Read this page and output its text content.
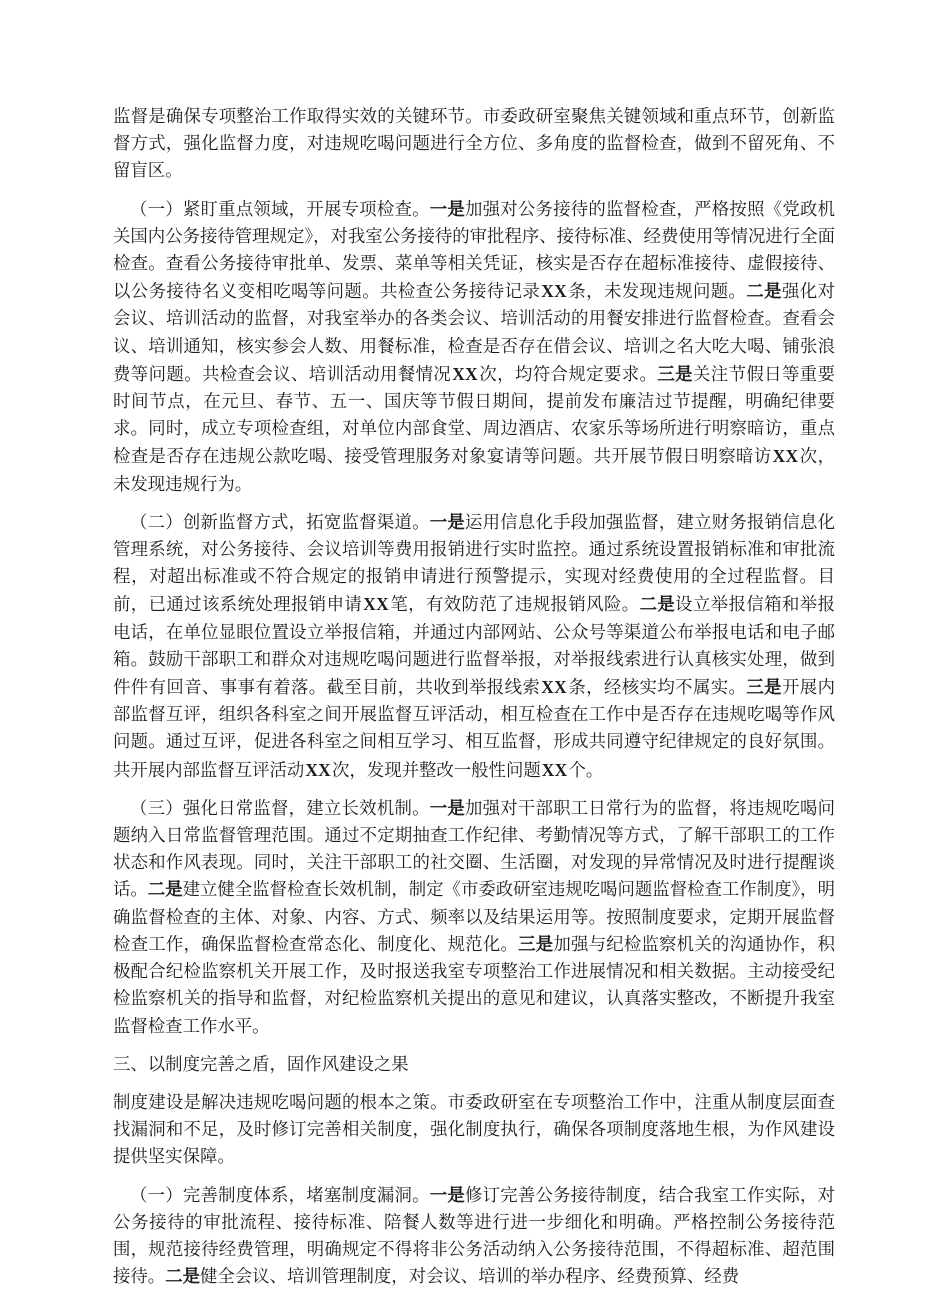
监督是确保专项整治工作取得实效的关键环节。市委政研室聚焦关键领域和重点环节，创新监督方式，强化监督力度，对违规吃喝问题进行全方位、多角度的监督检查，做到不留死角、不留盲区。

（一）紧盯重点领域，开展专项检查。一是加强对公务接待的监督检查，严格按照《党政机关国内公务接待管理规定》，对我室公务接待的审批程序、接待标准、经费使用等情况进行全面检查。查看公务接待审批单、发票、菜单等相关凭证，核实是否存在超标准接待、虚假接待、以公务接待名义变相吃喝等问题。共检查公务接待记录XX条，未发现违规问题。二是强化对会议、培训活动的监督，对我室举办的各类会议、培训活动的用餐安排进行监督检查。查看会议、培训通知，核实参会人数、用餐标准，检查是否存在借会议、培训之名大吃大喝、铺张浪费等问题。共检查会议、培训活动用餐情况XX次，均符合规定要求。三是关注节假日等重要时间节点，在元旦、春节、五一、国庆等节假日期间，提前发布廉洁过节提醒，明确纪律要求。同时，成立专项检查组，对单位内部食堂、周边酒店、农家乐等场所进行明察暗访，重点检查是否存在违规公款吃喝、接受管理服务对象宴请等问题。共开展节假日明察暗访XX次，未发现违规行为。

（二）创新监督方式，拓宽监督渠道。一是运用信息化手段加强监督，建立财务报销信息化管理系统，对公务接待、会议培训等费用报销进行实时监控。通过系统设置报销标准和审批流程，对超出标准或不符合规定的报销申请进行预警提示，实现对经费使用的全过程监督。目前，已通过该系统处理报销申请XX笔，有效防范了违规报销风险。二是设立举报信箱和举报电话，在单位显眼位置设立举报信箱，并通过内部网站、公众号等渠道公布举报电话和电子邮箱。鼓励干部职工和群众对违规吃喝问题进行监督举报，对举报线索进行认真核实处理，做到件件有回音、事事有着落。截至目前，共收到举报线索XX条，经核实均不属实。三是开展内部监督互评，组织各科室之间开展监督互评活动，相互检查在工作中是否存在违规吃喝等作风问题。通过互评，促进各科室之间相互学习、相互监督，形成共同遵守纪律规定的良好氛围。共开展内部监督互评活动XX次，发现并整改一般性问题XX个。

（三）强化日常监督，建立长效机制。一是加强对干部职工日常行为的监督，将违规吃喝问题纳入日常监督管理范围。通过不定期抽查工作纪律、考勤情况等方式，了解干部职工的工作状态和作风表现。同时，关注干部职工的社交圈、生活圈，对发现的异常情况及时进行提醒谈话。二是建立健全监督检查长效机制，制定《市委政研室违规吃喝问题监督检查工作制度》，明确监督检查的主体、对象、内容、方式、频率以及结果运用等。按照制度要求，定期开展监督检查工作，确保监督检查常态化、制度化、规范化。三是加强与纪检监察机关的沟通协作，积极配合纪检监察机关开展工作，及时报送我室专项整治工作进展情况和相关数据。主动接受纪检监察机关的指导和监督，对纪检监察机关提出的意见和建议，认真落实整改，不断提升我室监督检查工作水平。

三、以制度完善之盾，固作风建设之果

制度建设是解决违规吃喝问题的根本之策。市委政研室在专项整治工作中，注重从制度层面查找漏洞和不足，及时修订完善相关制度，强化制度执行，确保各项制度落地生根，为作风建设提供坚实保障。

（一）完善制度体系，堵塞制度漏洞。一是修订完善公务接待制度，结合我室工作实际，对公务接待的审批流程、接待标准、陪餐人数等进行进一步细化和明确。严格控制公务接待范围，规范接待经费管理，明确规定不得将非公务活动纳入公务接待范围，不得超标准、超范围接待。二是健全会议、培训管理制度，对会议、培训的举办程序、经费预算、经费
